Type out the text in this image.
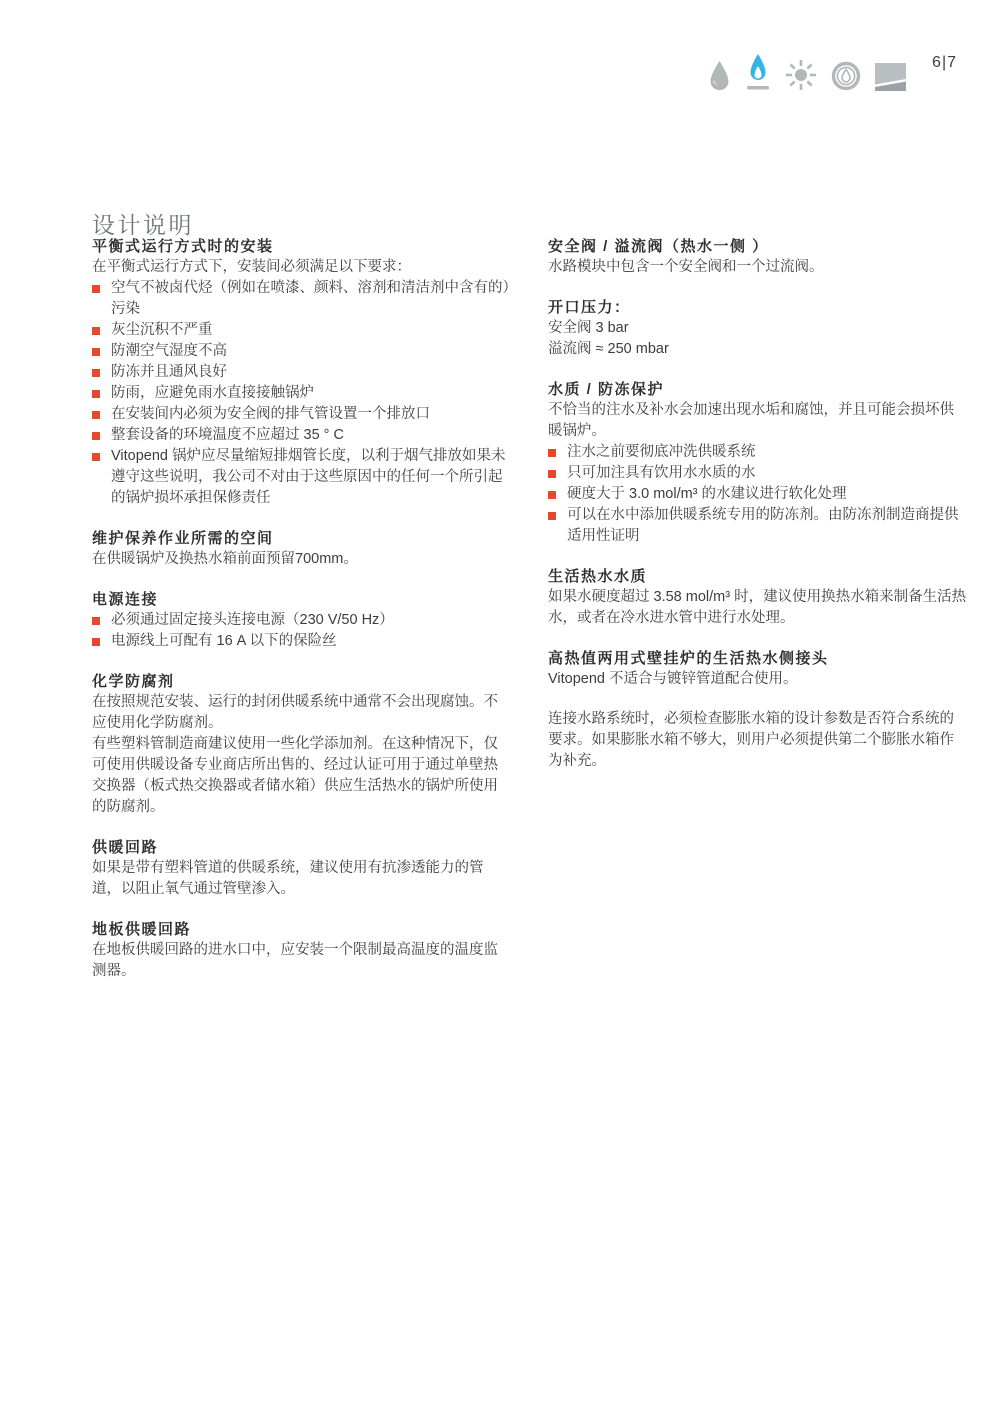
6|7
设计说明
平衡式运行方式时的安装
在平衡式运行方式下，安装间必须满足以下要求：
空气不被卤代烃（例如在喷漆、颜料、溶剂和清洁剂中含有的）污染
灰尘沉积不严重
防潮空气湿度不高
防冻并且通风良好
防雨，应避免雨水直接接触锅炉
在安装间内必须为安全阀的排气管设置一个排放口
整套设备的环境温度不应超过 35 ° C
Vitopend 锅炉应尽量缩短排烟管长度，以利于烟气排放如果未遵守这些说明，我公司不对由于这些原因中的任何一个所引起的锅炉损坏承担保修责任
维护保养作业所需的空间
在供暖锅炉及换热水箱前面预留700mm。
电源连接
必须通过固定接头连接电源（230 V/50 Hz）
电源线上可配有 16 A 以下的保险丝
化学防腐剂
在按照规范安装、运行的封闭供暖系统中通常不会出现腐蚀。不应使用化学防腐剂。
有些塑料管制造商建议使用一些化学添加剂。在这种情况下，仅可使用供暖设备专业商店所出售的、经过认证可用于通过单壁热交换器（板式热交换器或者储水箱）供应生活热水的锅炉所使用的防腐剂。
供暖回路
如果是带有塑料管道的供暖系统，建议使用有抗渗透能力的管道，以阻止氧气通过管壁渗入。
地板供暖回路
在地板供暖回路的进水口中，应安装一个限制最高温度的温度监测器。
安全阀 / 溢流阀（热水一侧 ）
水路模块中包含一个安全阀和一个过流阀。
开口压力：
安全阀 3 bar
溢流阀 ≈ 250 mbar
水质 / 防冻保护
不恰当的注水及补水会加速出现水垢和腐蚀，并且可能会损坏供暖锅炉。
注水之前要彻底冲洗供暖系统
只可加注具有饮用水水质的水
硬度大于 3.0 mol/m³ 的水建议进行软化处理
可以在水中添加供暖系统专用的防冻剂。由防冻剂制造商提供适用性证明
生活热水水质
如果水硬度超过 3.58 mol/m³ 时，建议使用换热水箱来制备生活热水，或者在冷水进水管中进行水处理。
高热值两用式壁挂炉的生活热水侧接头
Vitopend 不适合与镀锌管道配合使用。
连接水路系统时，必须检查膨胀水箱的设计参数是否符合系统的要求。如果膨胀水箱不够大，则用户必须提供第二个膨胀水箱作为补充。
